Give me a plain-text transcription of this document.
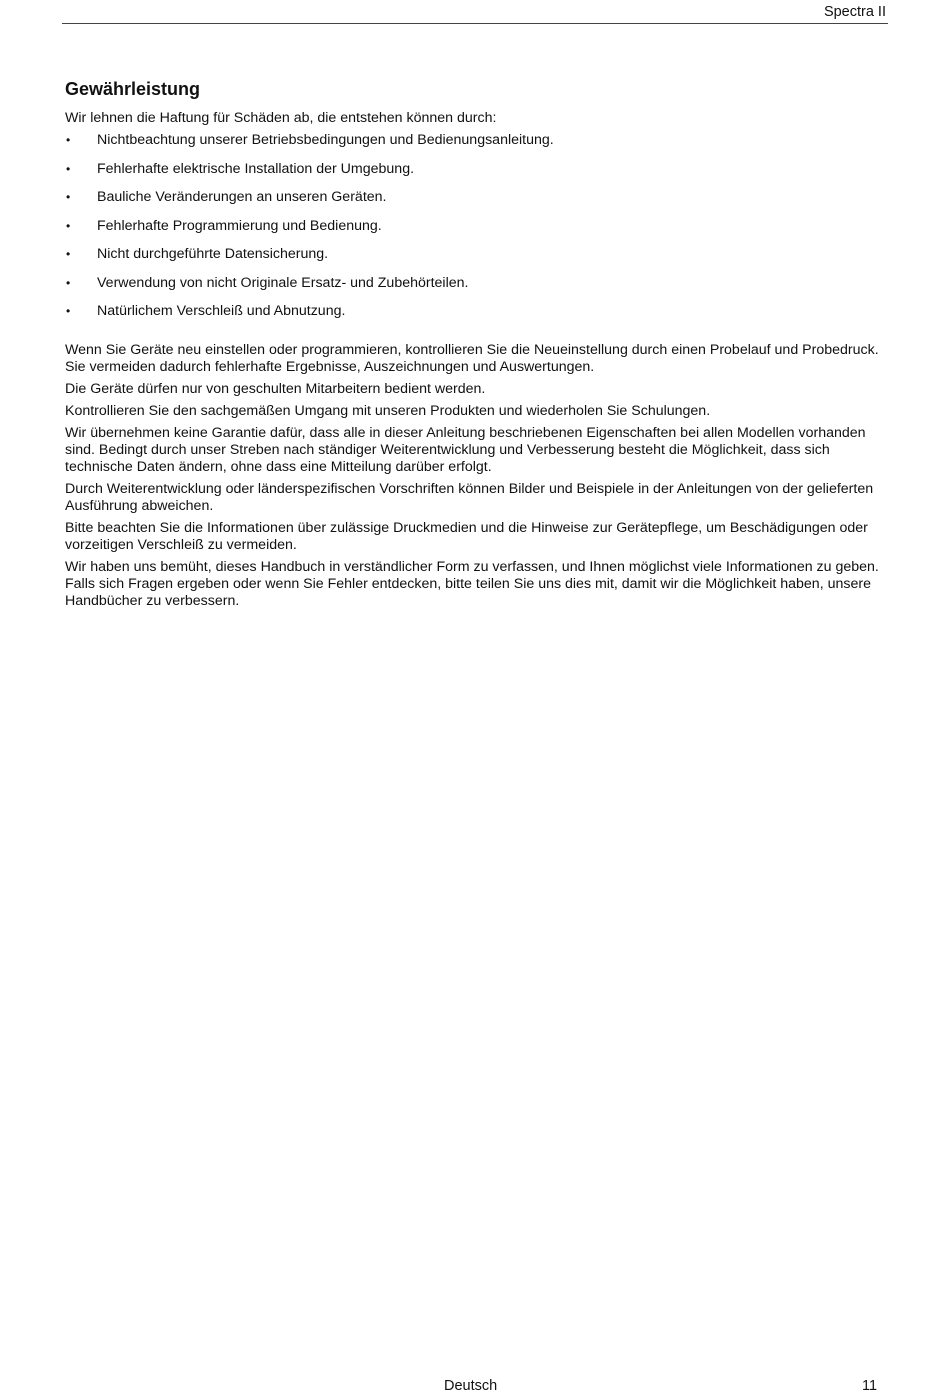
Spectra II
Gewährleistung

Wir lehnen die Haftung für Schäden ab, die entstehen können durch:

• Nichtbeachtung unserer Betriebsbedingungen und Bedienungsanleitung.
• Fehlerhafte elektrische Installation der Umgebung.
• Bauliche Veränderungen an unseren Geräten.
• Fehlerhafte Programmierung und Bedienung.
• Nicht durchgeführte Datensicherung.
• Verwendung von nicht Originale Ersatz- und Zubehörteilen.
• Natürlichem Verschleiß und Abnutzung.

Wenn Sie Geräte neu einstellen oder programmieren, kontrollieren Sie die Neueinstellung durch einen Probelauf und Probedruck. Sie vermeiden dadurch fehlerhafte Ergebnisse, Auszeichnungen und Auswertungen.

Die Geräte dürfen nur von geschulten Mitarbeitern bedient werden.

Kontrollieren Sie den sachgemäßen Umgang mit unseren Produkten und wiederholen Sie Schulungen.

Wir übernehmen keine Garantie dafür, dass alle in dieser Anleitung beschriebenen Eigenschaften bei allen Modellen vorhanden sind. Bedingt durch unser Streben nach ständiger Weiterentwicklung und Verbesserung besteht die Möglichkeit, dass sich technische Daten ändern, ohne dass eine Mitteilung darüber erfolgt.

Durch Weiterentwicklung oder länderspezifischen Vorschriften können Bilder und Beispiele in der Anleitungen von der gelieferten Ausführung abweichen.

Bitte beachten Sie die Informationen über zulässige Druckmedien und die Hinweise zur Gerätepflege, um Beschädigungen oder vorzeitigen Verschleiß zu vermeiden.

Wir haben uns bemüht, dieses Handbuch in verständlicher Form zu verfassen, und Ihnen möglichst viele Informationen zu geben. Falls sich Fragen ergeben oder wenn Sie Fehler entdecken, bitte teilen Sie uns dies mit, damit wir die Möglichkeit haben, unsere Handbücher zu verbessern.

Deutsch	11
